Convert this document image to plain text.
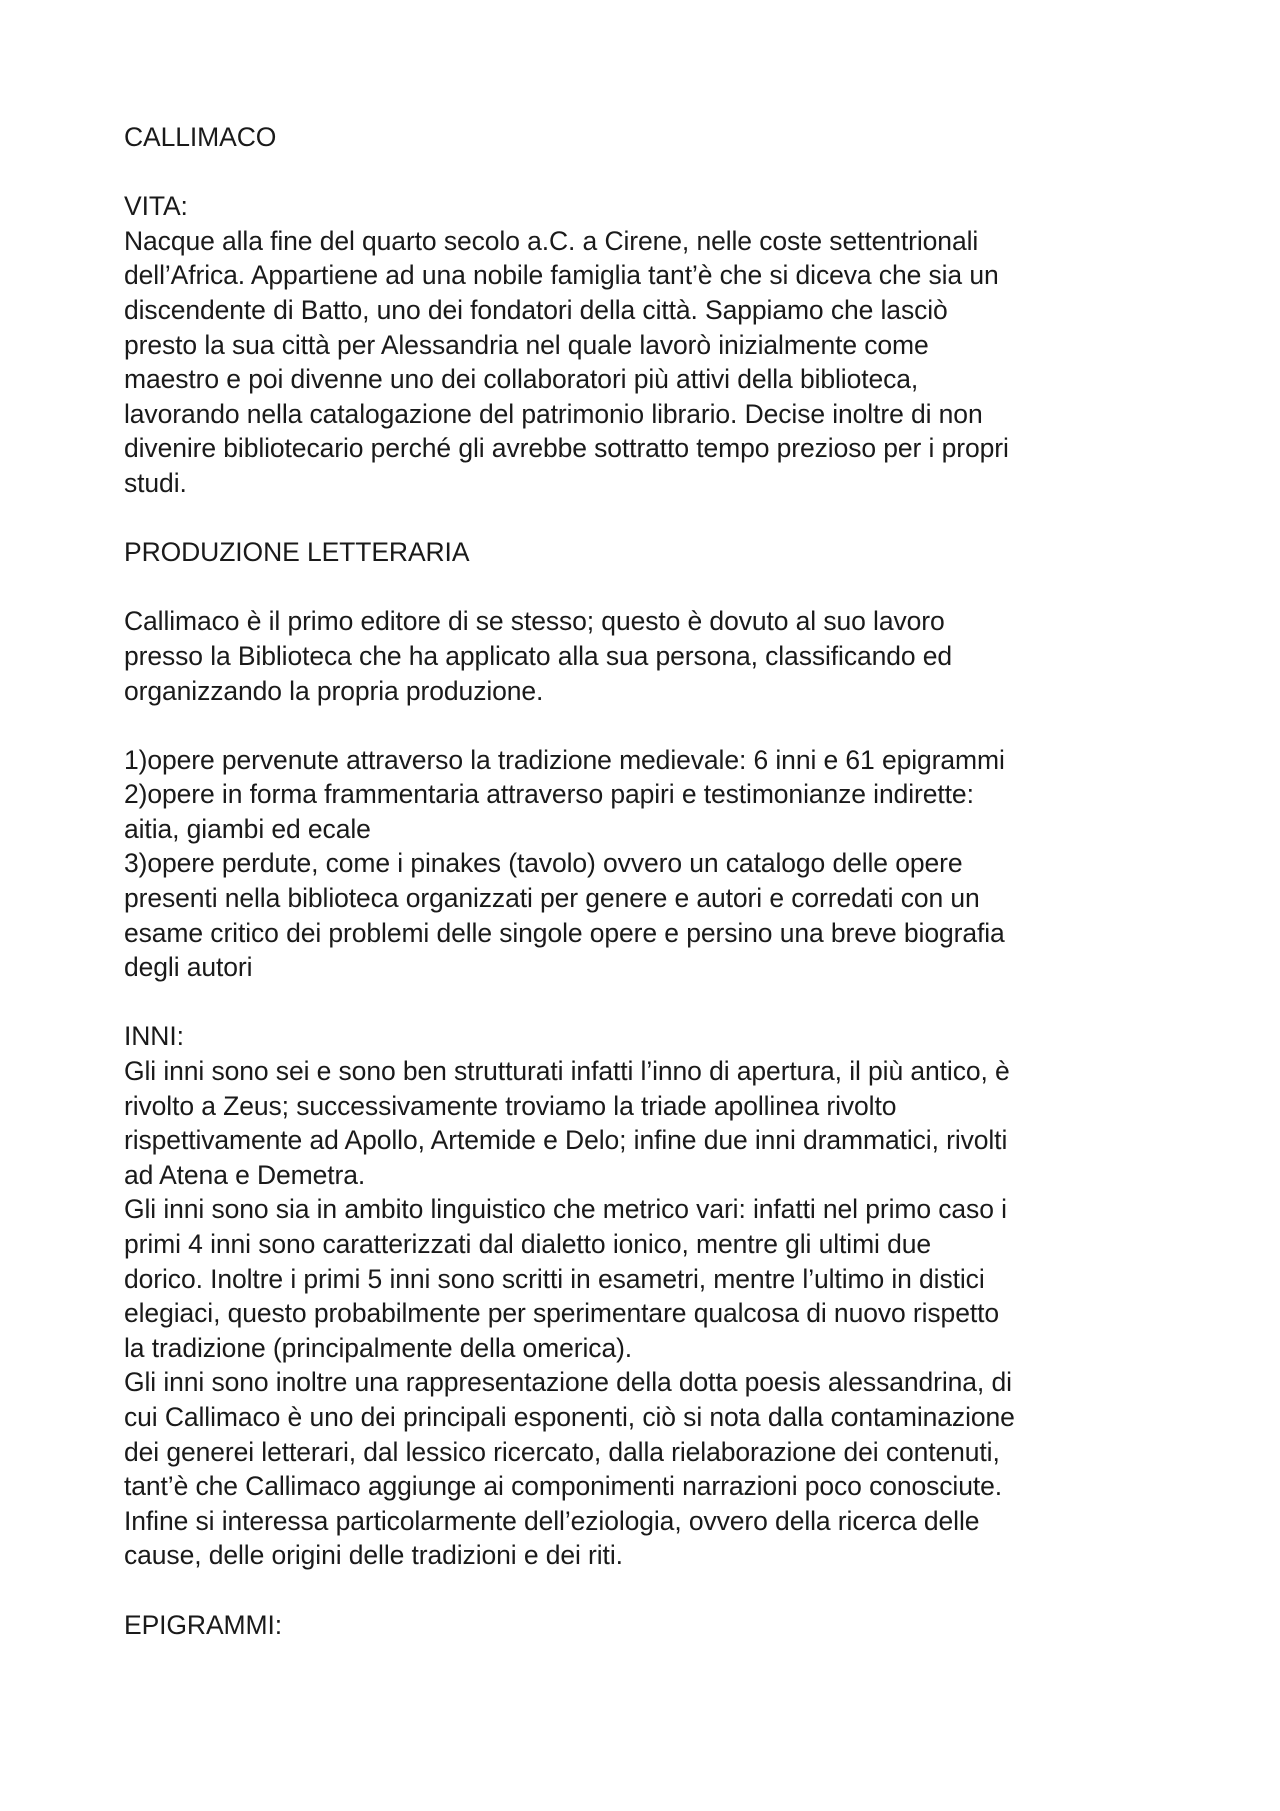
CALLIMACO

VITA:

Nacque alla fine del quarto secolo a.C. a Cirene, nelle coste settentrionali
dell’Africa. Appartiene ad una nobile famiglia tant’è che si diceva che sia un
discendente di Batto, uno dei fondatori della città. Sappiamo che lasciò
presto la sua città per Alessandria nel quale lavorò inizialmente come
maestro e poi divenne uno dei collaboratori più attivi della biblioteca,
lavorando nella catalogazione del patrimonio librario. Decise inoltre di non
divenire bibliotecario perché gli avrebbe sottratto tempo prezioso per i propri
studi.

PRODUZIONE LETTERARIA

Callimaco è il primo editore di se stesso; questo è dovuto al suo lavoro
presso la Biblioteca che ha applicato alla sua persona, classificando ed
organizzando la propria produzione.

1)opere pervenute attraverso la tradizione medievale: 6 inni e 61 epigrammi

2)opere in forma frammentaria attraverso papiri e testimonianze indirette:
aitia, giambi ed ecale

3)opere perdute, come i pinakes (tavolo) ovvero un catalogo delle opere
presenti nella biblioteca organizzati per genere e autori e corredati con un
esame critico dei problemi delle singole opere e persino una breve biografia
degli autori

INNI:

Gli inni sono sei e sono ben strutturati infatti l’inno di apertura, il più antico, è
rivolto a Zeus; successivamente troviamo la triade apollinea rivolto
rispettivamente ad Apollo, Artemide e Delo; infine due inni drammatici, rivolti
ad Atena e Demetra.

Gli inni sono sia in ambito linguistico che metrico vari: infatti nel primo caso i
primi 4 inni sono caratterizzati dal dialetto ionico, mentre gli ultimi due
dorico. Inoltre i primi 5 inni sono scritti in esametri, mentre l’ultimo in distici
elegiaci, questo probabilmente per sperimentare qualcosa di nuovo rispetto
la tradizione (principalmente della omerica).

Gli inni sono inoltre una rappresentazione della dotta poesis alessandrina, di
cui Callimaco è uno dei principali esponenti, ciò si nota dalla contaminazione
dei generei letterari, dal lessico ricercato, dalla rielaborazione dei contenuti,
tant’è che Callimaco aggiunge ai componimenti narrazioni poco conosciute.
Infine si interessa particolarmente dell’eziologia, ovvero della ricerca delle
cause, delle origini delle tradizioni e dei riti.

EPIGRAMMI:
